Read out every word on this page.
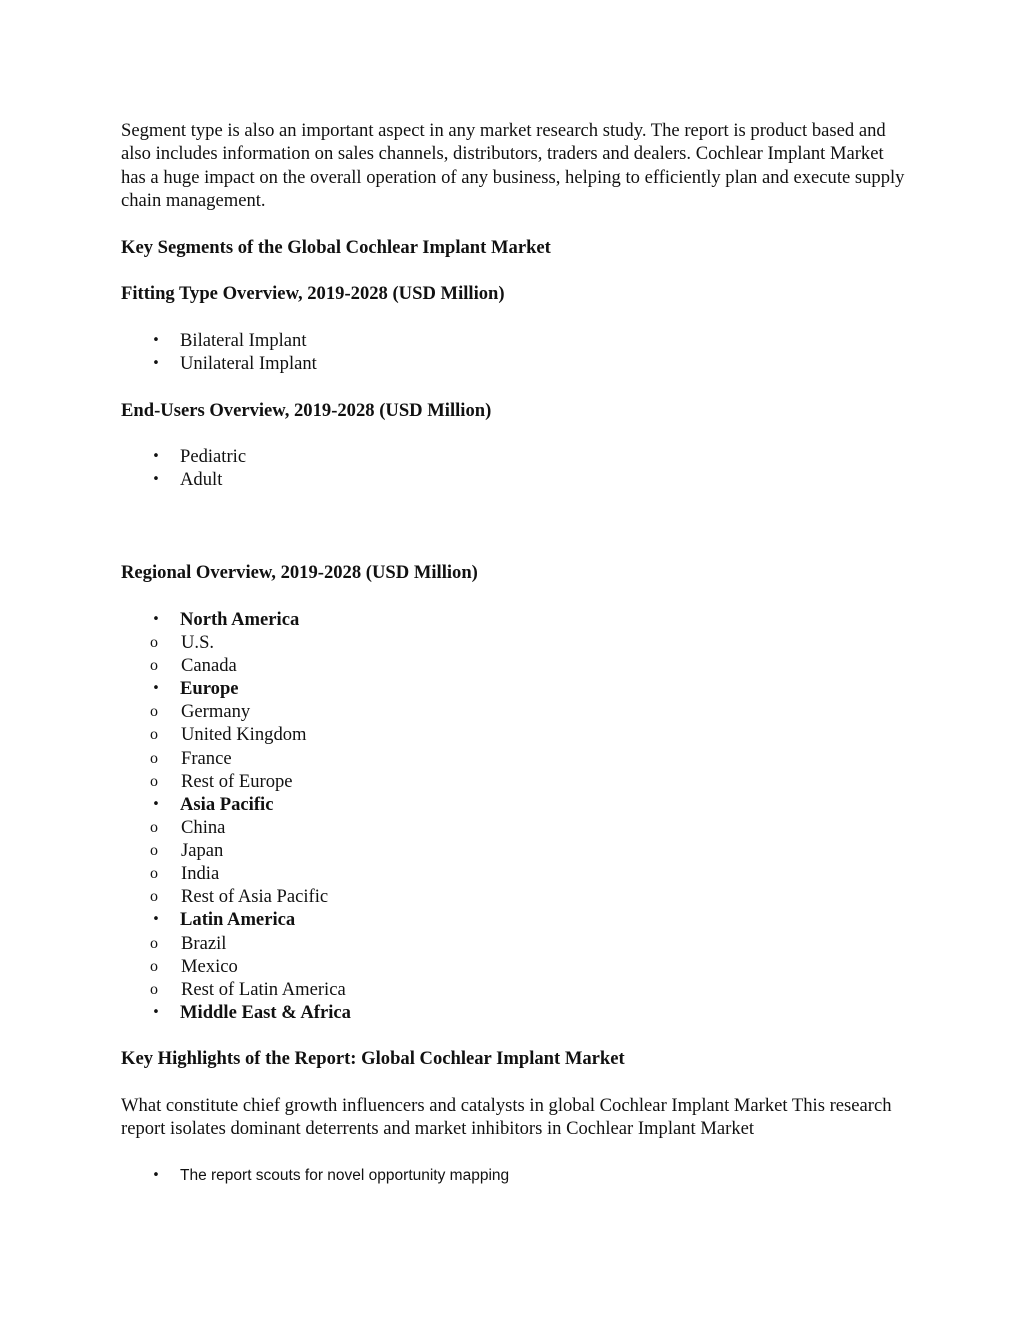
Segment type is also an important aspect in any market research study. The report is product based and also includes information on sales channels, distributors, traders and dealers. Cochlear Implant Market has a huge impact on the overall operation of any business, helping to efficiently plan and execute supply chain management.

Key Segments of the Global Cochlear Implant Market

Fitting Type Overview, 2019-2028 (USD Million)

• Bilateral Implant
• Unilateral Implant

End-Users Overview, 2019-2028 (USD Million)

• Pediatric
• Adult

Regional Overview, 2019-2028 (USD Million)

• North America
o U.S.
o Canada
• Europe
o Germany
o United Kingdom
o France
o Rest of Europe
• Asia Pacific
o China
o Japan
o India
o Rest of Asia Pacific
• Latin America
o Brazil
o Mexico
o Rest of Latin America
• Middle East & Africa

Key Highlights of the Report: Global Cochlear Implant Market

What constitute chief growth influencers and catalysts in global Cochlear Implant Market This research report isolates dominant deterrents and market inhibitors in Cochlear Implant Market

• The report scouts for novel opportunity mapping
